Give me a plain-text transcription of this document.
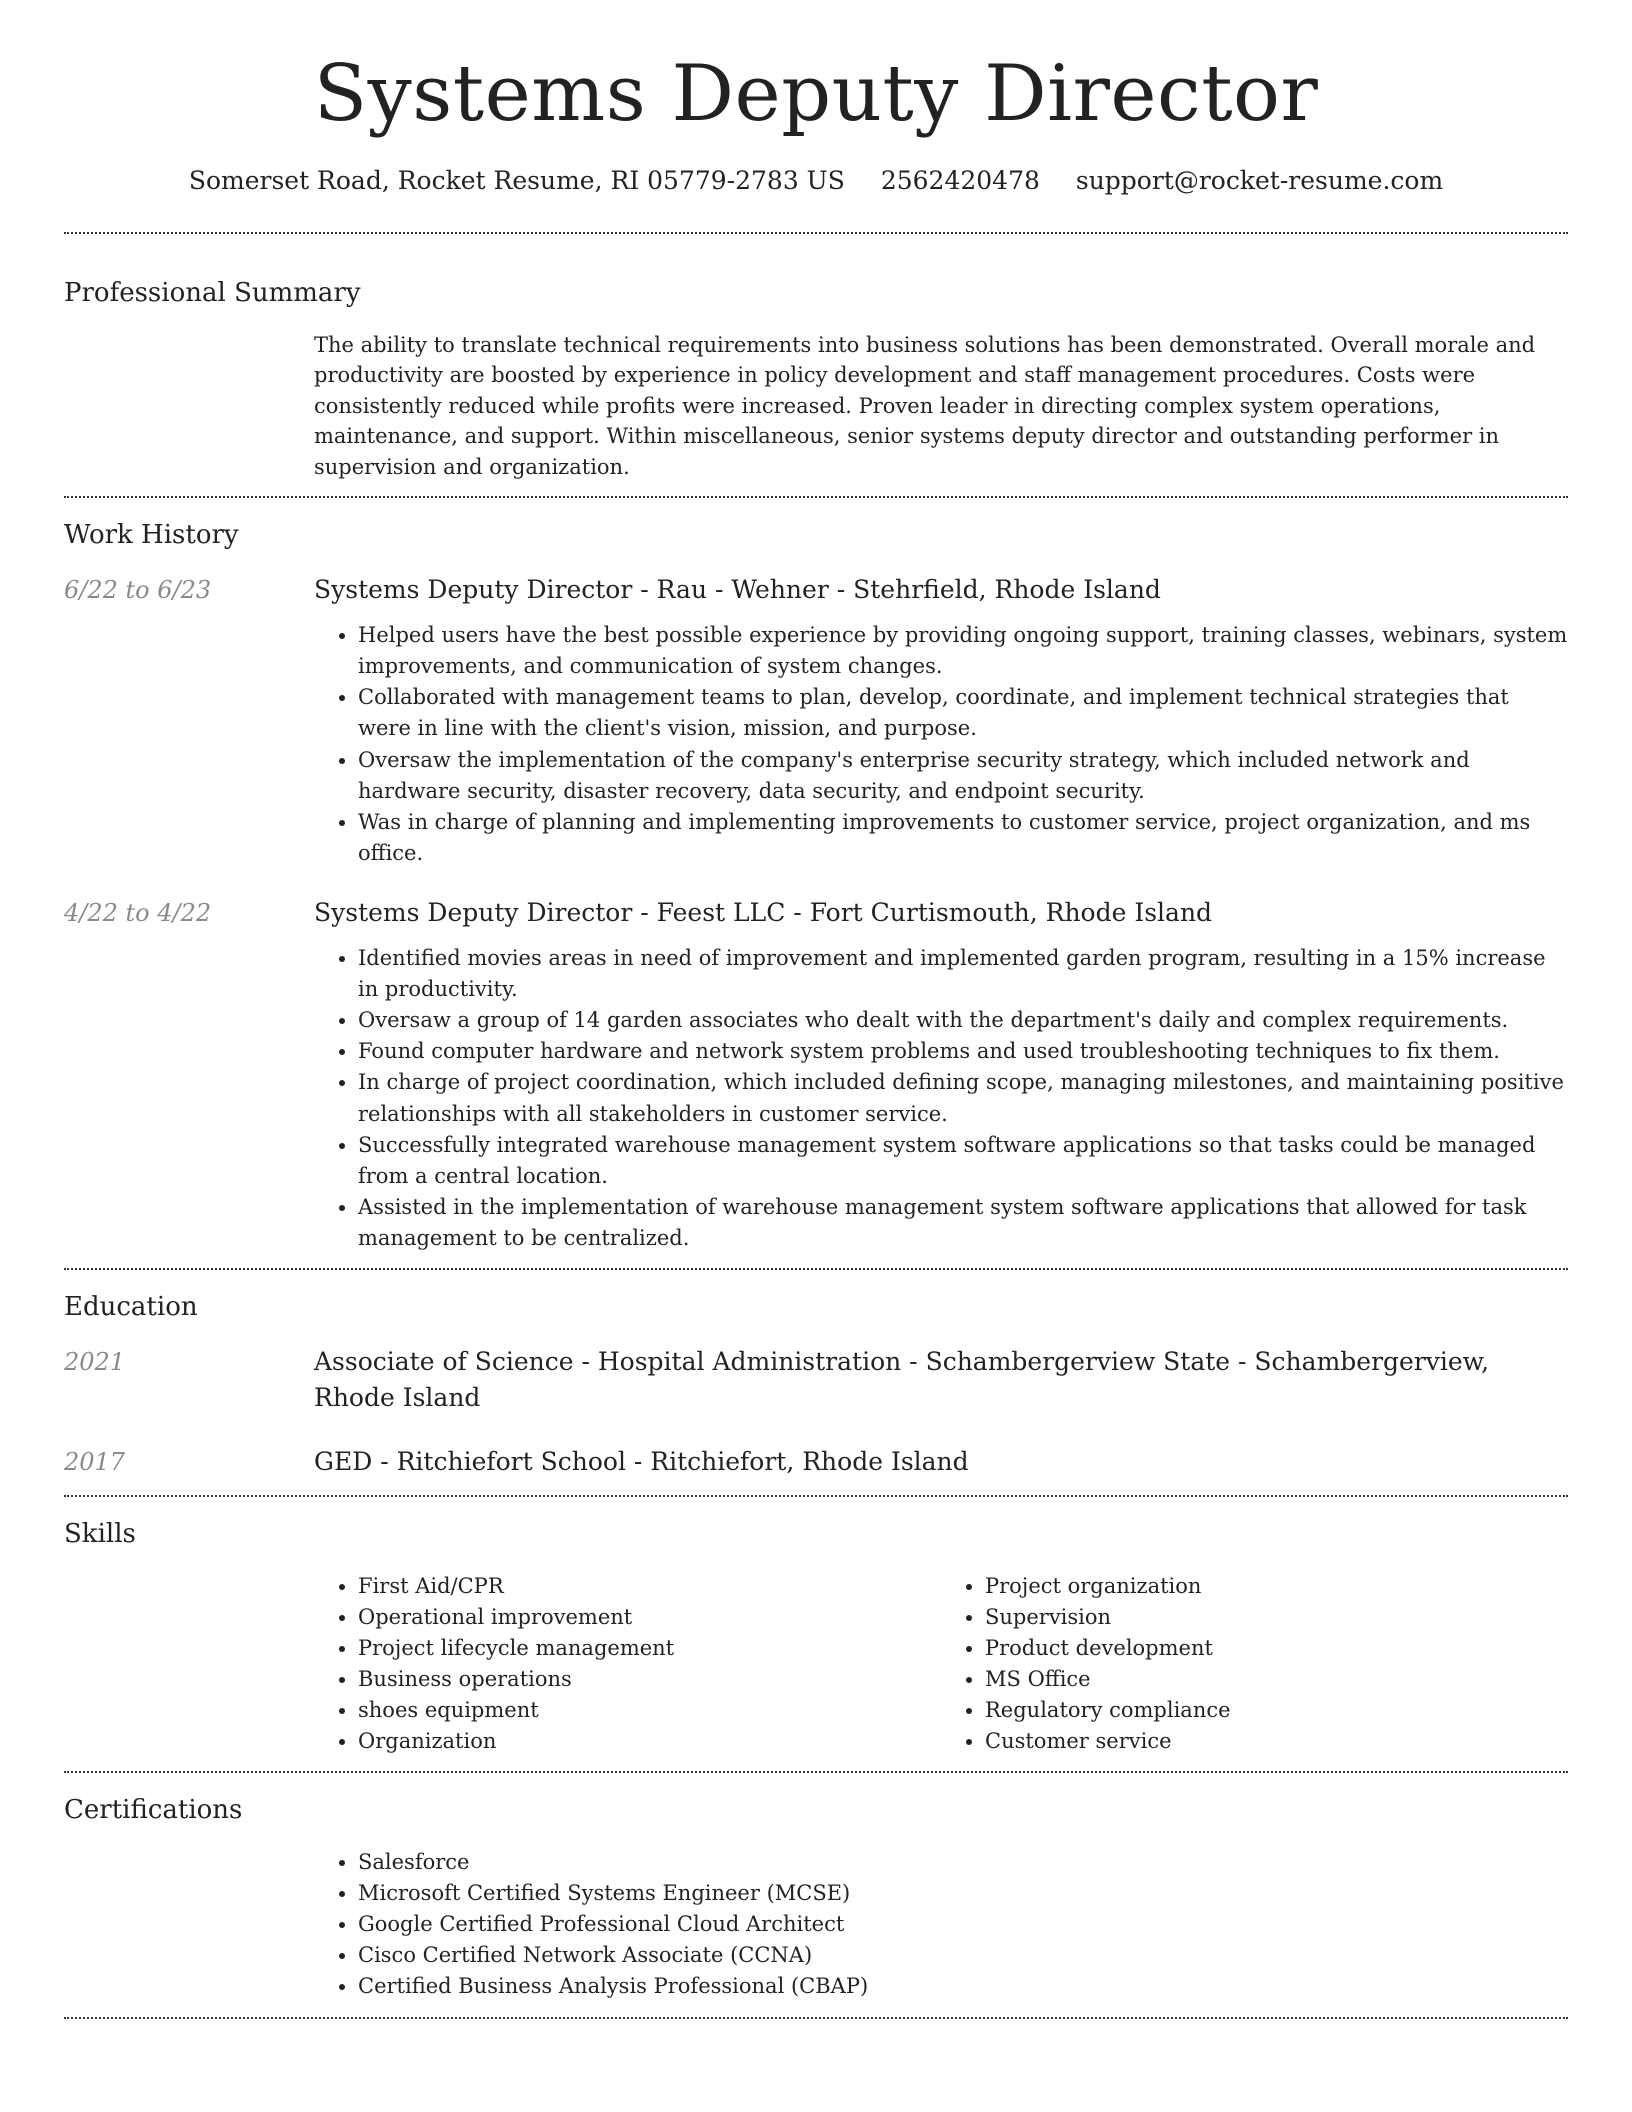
Systems Deputy Director
Somerset Road, Rocket Resume, RI 05779-2783 US 2562420478 support@rocket-resume.com
Professional Summary

The ability to translate technical requirements into business solutions has been demonstrated. Overall morale and productivity are boosted by experience in policy development and staff management procedures. Costs were consistently reduced while profits were increased. Proven leader in directing complex system operations, maintenance, and support. Within miscellaneous, senior systems deputy director and outstanding performer in supervision and organization.

Work History
6/22 to 6/23	Systems Deputy Director - Rau - Wehner - Stehrfield, Rhode Island
• Helped users have the best possible experience by providing ongoing support, training classes, webinars, system improvements, and communication of system changes.
• Collaborated with management teams to plan, develop, coordinate, and implement technical strategies that were in line with the client's vision, mission, and purpose.
• Oversaw the implementation of the company's enterprise security strategy, which included network and hardware security, disaster recovery, data security, and endpoint security.
• Was in charge of planning and implementing improvements to customer service, project organization, and ms office.
4/22 to 4/22	Systems Deputy Director - Feest LLC - Fort Curtismouth, Rhode Island
• Identified movies areas in need of improvement and implemented garden program, resulting in a 15% increase in productivity.
• Oversaw a group of 14 garden associates who dealt with the department's daily and complex requirements.
• Found computer hardware and network system problems and used troubleshooting techniques to fix them.
• In charge of project coordination, which included defining scope, managing milestones, and maintaining positive relationships with all stakeholders in customer service.
• Successfully integrated warehouse management system software applications so that tasks could be managed from a central location.
• Assisted in the implementation of warehouse management system software applications that allowed for task management to be centralized.
Education
2021	Associate of Science - Hospital Administration - Schambergerview State - Schambergerview, Rhode Island
2017	GED - Ritchiefort School - Ritchiefort, Rhode Island
Skills
• First Aid/CPR
• Operational improvement
• Project lifecycle management
• Business operations
• shoes equipment
• Organization
• Project organization
• Supervision
• Product development
• MS Office
• Regulatory compliance
• Customer service
Certifications
• Salesforce
• Microsoft Certified Systems Engineer (MCSE)
• Google Certified Professional Cloud Architect
• Cisco Certified Network Associate (CCNA)
• Certified Business Analysis Professional (CBAP)
